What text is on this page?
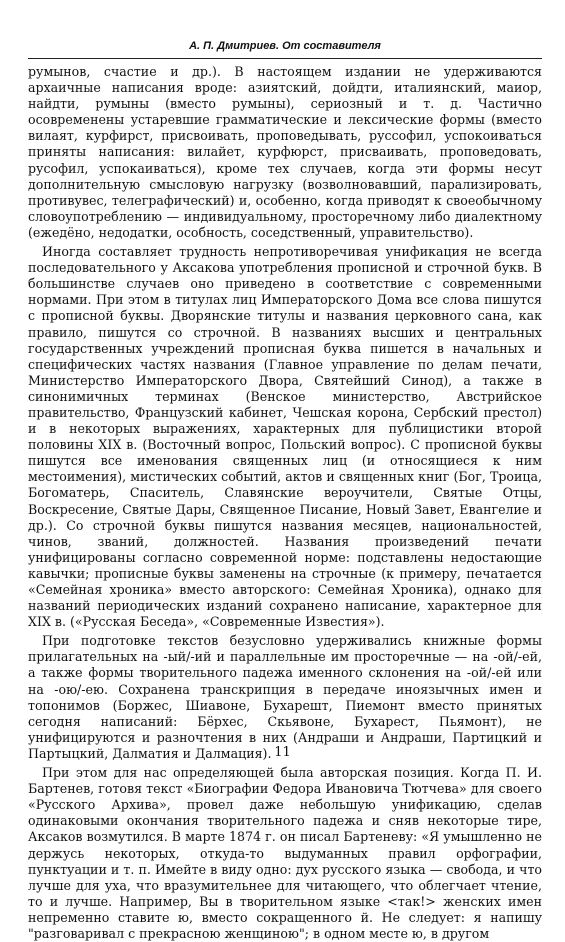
А. П. Дмитриев. От составителя

румынов, счастие и др.). В настоящем издании не удерживаются архаичные написания вроде: азиятский, дойдти, италиянский, маиор, найдти, румыны (вместо румыны), сериозный и т. д. Частично осовременены устаревшие грамматические и лексические формы (вместо вилаят, курфирст, присвоивать, проповедывать, руссофил, успокоиваться приняты написания: вилайет, курфюрст, присваивать, проповедовать, русофил, успокаиваться), кроме тех случаев, когда эти формы несут дополнительную смысловую нагрузку (возволновавший, парализировать, противувес, телеграфический) и, особенно, когда приводят к своеобычному словоупотреблению — индивидуальному, просторечному либо диалектному (ежедёно, недодатки, особность, соседственный, управительство).

Иногда составляет трудность непротиворечивая унификация не всегда последовательного у Аксакова употребления прописной и строчной букв. В большинстве случаев оно приведено в соответствие с современными нормами. При этом в титулах лиц Императорского Дома все слова пишутся с прописной буквы. Дворянские титулы и названия церковного сана, как правило, пишутся со строчной. В названиях высших и центральных государственных учреждений прописная буква пишется в начальных и специфических частях названия (Главное управление по делам печати, Министерство Императорского Двора, Святейший Синод), а также в синонимичных терминах (Венское министерство, Австрийское правительство, Французский кабинет, Чешская корона, Сербский престол) и в некоторых выражениях, характерных для публицистики второй половины XIX в. (Восточный вопрос, Польский вопрос). С прописной буквы пишутся все именования священных лиц (и относящиеся к ним местоимения), мистических событий, актов и священных книг (Бог, Троица, Богоматерь, Спаситель, Славянские вероучители, Святые Отцы, Воскресение, Святые Дары, Священное Писание, Новый Завет, Евангелие и др.). Со строчной буквы пишутся названия месяцев, национальностей, чинов, званий, должностей. Названия произведений печати унифицированы согласно современной норме: подставлены недостающие кавычки; прописные буквы заменены на строчные (к примеру, печатается «Семейная хроника» вместо авторского: Семейная Хроника), однако для названий периодических изданий сохранено написание, характерное для XIX в. («Русская Беседа», «Современные Известия»).

При подготовке текстов безусловно удерживались книжные формы прилагательных на -ый/-ий и параллельные им просторечные — на -ой/-ей, а также формы творительного падежа именного склонения на -ой/-ей или на -ою/-ею. Сохранена транскрипция в передаче иноязычных имен и топонимов (Боржес, Шиавоне, Бухарешт, Пиемонт вместо принятых сегодня написаний: Бёрхес, Скьявоне, Бухарест, Пьямонт), не унифицируются и разночтения в них (Андраши и Андраши, Партицкий и Партыцкий, Далматия и Далмация).

При этом для нас определяющей была авторская позиция. Когда П. И. Бартенев, готовя текст «Биографии Федора Ивановича Тютчева» для своего «Русского Архива», провел даже небольшую унификацию, сделав одинаковыми окончания творительного падежа и сняв некоторые тире, Аксаков возмутился. В марте 1874 г. он писал Бартеневу: «Я умышленно не держусь некоторых, откуда-то выдуманных правил орфографии, пунктуации и т. п. Имейте в виду одно: дух русского языка — свобода, и что лучше для уха, что вразумительнее для читающего, что облегчает чтение, то и лучше. Например, Вы в творительном языке <так!> женских имен непременно ставите ю, вместо сокращенного й. Не следует: я напишу "разговаривал с прекрасною женщиною"; в одном месте ю, в другом

11
